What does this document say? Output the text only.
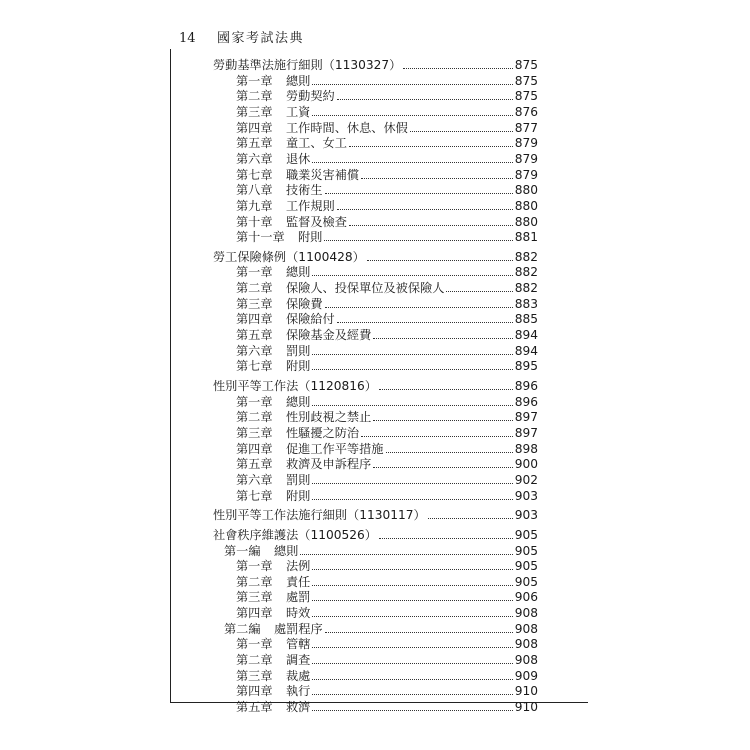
14	國家考試法典
勞動基準法施行細則（1130327）	875
第一章 總則	875
第二章 勞動契約	875
第三章 工資	876
第四章 工作時間、休息、休假	877
第五章 童工、女工	879
第六章 退休	879
第七章 職業災害補償	879
第八章 技術生	880
第九章 工作規則	880
第十章 監督及檢查	880
第十一章 附則	881
勞工保險條例（1100428）	882
第一章 總則	882
第二章 保險人、投保單位及被保險人	882
第三章 保險費	883
第四章 保險給付	885
第五章 保險基金及經費	894
第六章 罰則	894
第七章 附則	895
性別平等工作法（1120816）	896
第一章 總則	896
第二章 性別歧視之禁止	897
第三章 性騷擾之防治	897
第四章 促進工作平等措施	898
第五章 救濟及申訴程序	900
第六章 罰則	902
第七章 附則	903
性別平等工作法施行細則（1130117）	903
社會秩序維護法（1100526）	905
第一編 總則	905
第一章 法例	905
第二章 責任	905
第三章 處罰	906
第四章 時效	908
第二編 處罰程序	908
第一章 管轄	908
第二章 調查	908
第三章 裁處	909
第四章 執行	910
第五章 救濟	910
